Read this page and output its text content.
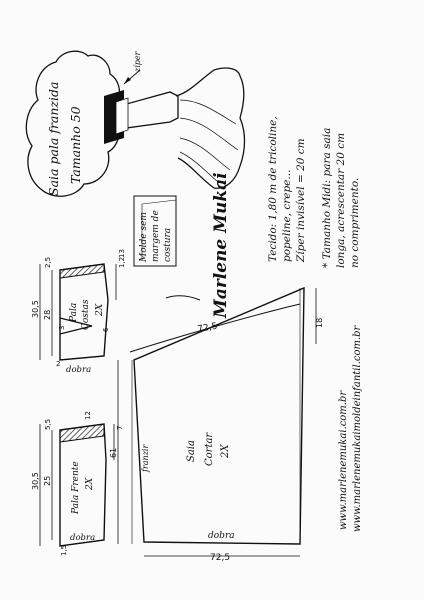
Saia pala franzida Tamanho 50
zíper
Molde sem margem de costura Marlene Mukai	Tecido: 1,80 m de tricoline, popeline, crepe... Zíper invisível = 20 cm * Tamanho Midi: para saia longa, acrescentar 20 cm no comprimento.
www.marlenemukai.com.br www.marlenemukaimoldeinfantil.com.br
Pala Costas 2X
dobra
30,5 28
2,5	1,2
13
3	6
2
Pala Frente 2X
dobra
30,5 25
5,5
12
7
1,5
Saia Cortar 2X
dobra
franzir
61
72,5
72,5
18
